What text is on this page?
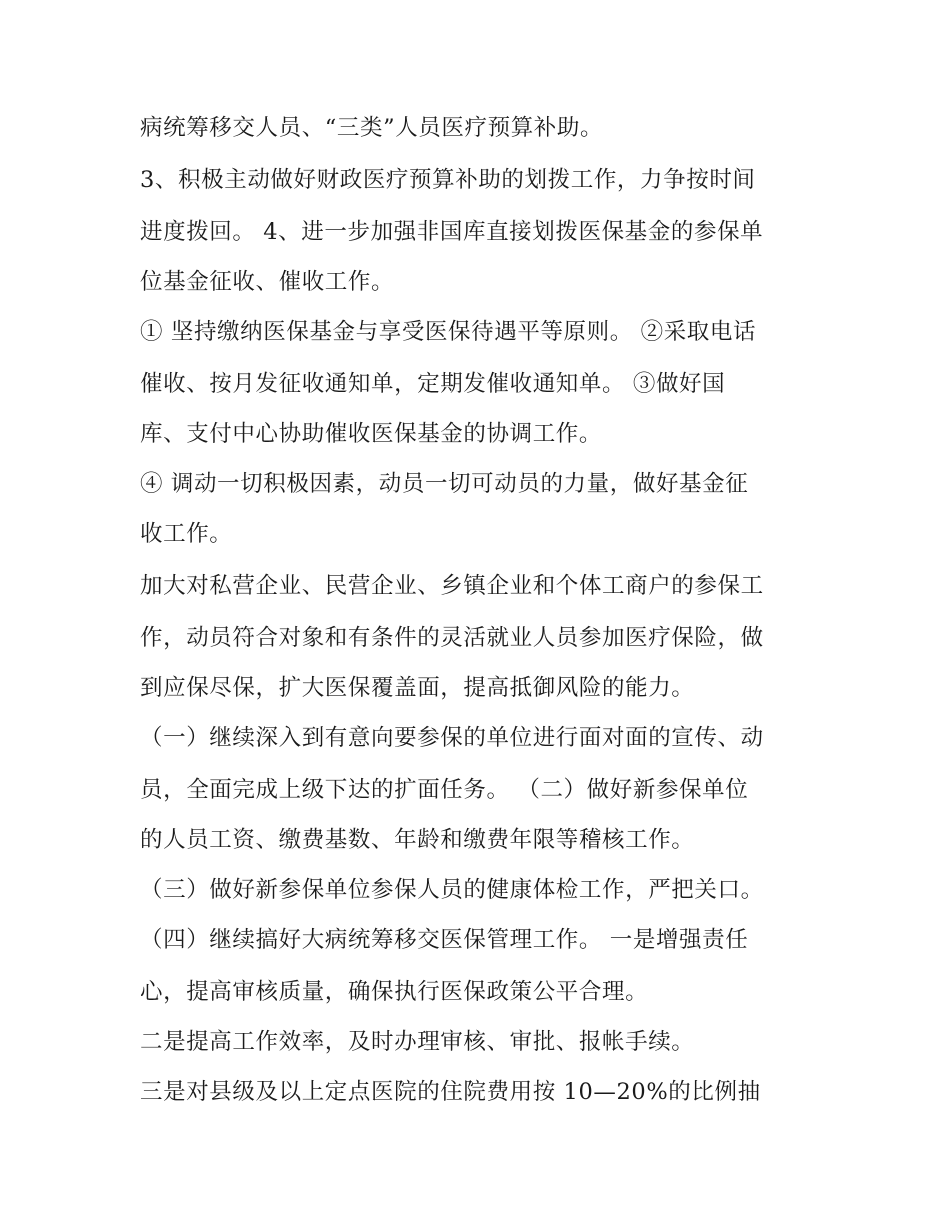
病统筹移交人员、“三类”人员医疗预算补助。
3、积极主动做好财政医疗预算补助的划拨工作，力争按时间
进度拨回。 4、进一步加强非国库直接划拨医保基金的参保单
位基金征收、催收工作。
① 坚持缴纳医保基金与享受医保待遇平等原则。 ②采取电话
催收、按月发征收通知单，定期发催收通知单。 ③做好国
库、支付中心协助催收医保基金的协调工作。
④ 调动一切积极因素，动员一切可动员的力量，做好基金征
收工作。
加大对私营企业、民营企业、乡镇企业和个体工商户的参保工
作，动员符合对象和有条件的灵活就业人员参加医疗保险，做
到应保尽保，扩大医保覆盖面，提高抵御风险的能力。
（一）继续深入到有意向要参保的单位进行面对面的宣传、动
员，全面完成上级下达的扩面任务。 （二）做好新参保单位
的人员工资、缴费基数、年龄和缴费年限等稽核工作。
（三）做好新参保单位参保人员的健康体检工作，严把关口。
（四）继续搞好大病统筹移交医保管理工作。 一是增强责任
心，提高审核质量，确保执行医保政策公平合理。
二是提高工作效率，及时办理审核、审批、报帐手续。
三是对县级及以上定点医院的住院费用按 10—20%的比例抽
